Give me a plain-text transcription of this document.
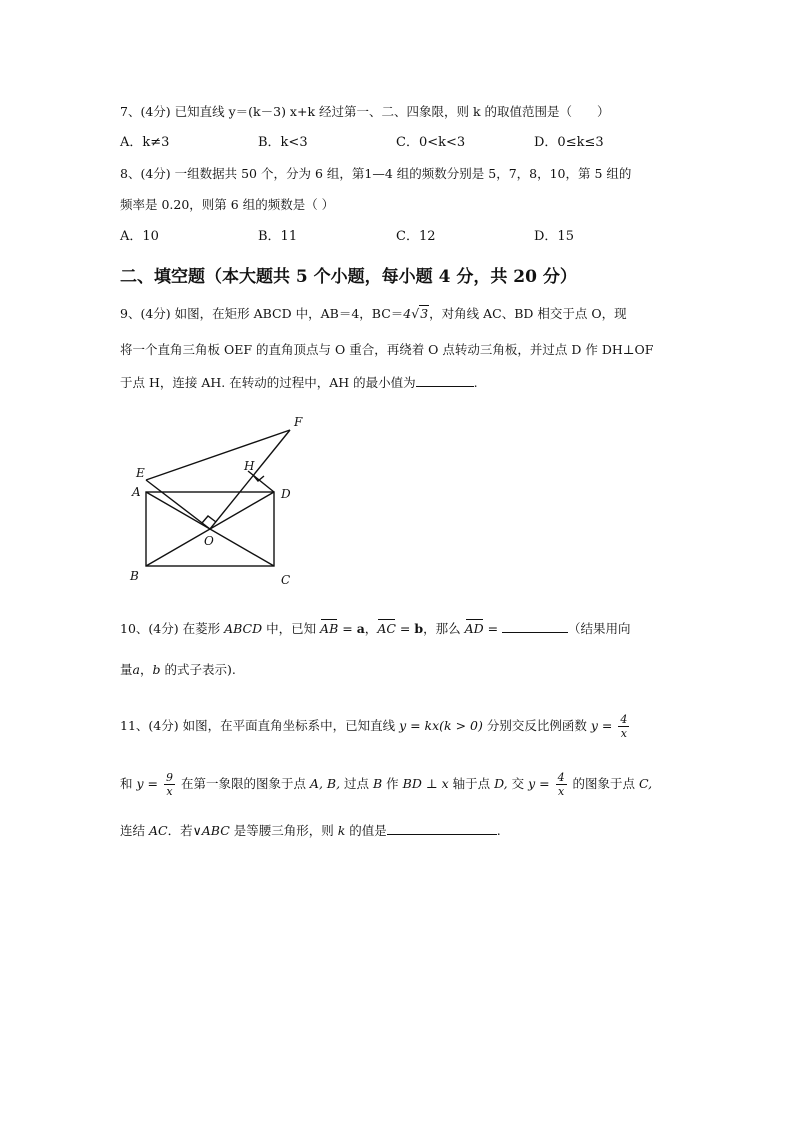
7、(4分) 已知直线 y＝(k－3) x+k 经过第一、二、四象限，则 k 的取值范围是（　　）
A．k≠3	B．k<3	C．0<k<3	D．0≤k≤3
8、(4分) 一组数据共 50 个，分为 6 组，第1—4 组的频数分别是 5，7，8，10，第 5 组的
频率是 0.20，则第 6 组的频数是（ ）
A．10	B．11	C．12	D．15
二、填空题（本大题共 5 个小题，每小题 4 分，共 20 分）
9、(4分) 如图，在矩形 ABCD 中，AB＝4，BC＝4√3，对角线 AC、BD 相交于点 O，现
将一个直角三角板 OEF 的直角顶点与 O 重合，再绕着 O 点转动三角板，并过点 D 作 DH⊥OF
于点 H，连接 AH. 在转动的过程中，AH 的最小值为	.
F
E	H
A	D
O
B	C
10、(4分) 在菱形 ABCD 中，已知 AB = a，AC = b，那么 AD =	（结果用向
量a，b 的式子表示).
11、(4分) 如图，在平面直角坐标系中，已知直线 y = kx(k > 0) 分别交反比例函数 $y = \frac{4}{x}$
和 $y = \frac{9}{x}$ 在第一象限的图象于点 A, B, 过点 B 作 BD ⊥ x 轴于点 D, 交 $y = \frac{4}{x}$ 的图象于点 C,
连结 AC．若∨ABC 是等腰三角形，则 k 的值是	.
